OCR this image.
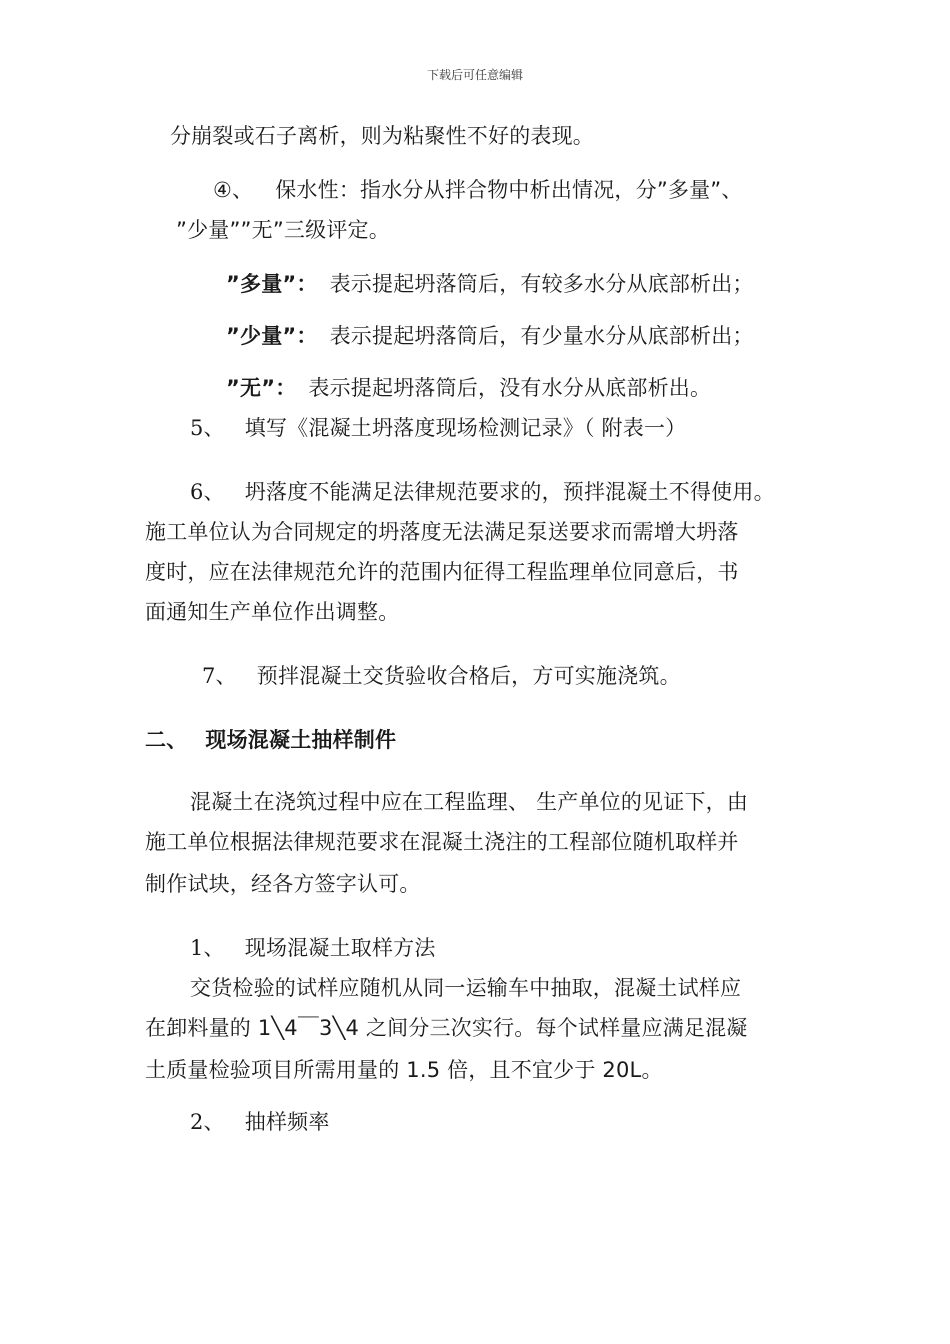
下载后可任意编辑
分崩裂或石子离析，则为粘聚性不好的表现。
④、 保水性：指水分从拌合物中析出情况，分”多量”、
”少量””无”三级评定。
”多量”： 表示提起坍落筒后，有较多水分从底部析出；
”少量”： 表示提起坍落筒后，有少量水分从底部析出；
”无”： 表示提起坍落筒后，没有水分从底部析出。
5、 填写《混凝土坍落度现场检测记录》（ 附表一）
6、 坍落度不能满足法律规范要求的，预拌混凝土不得使用。
施工单位认为合同规定的坍落度无法满足泵送要求而需增大坍落
度时，应在法律规范允许的范围内征得工程监理单位同意后，书
面通知生产单位作出调整。
7、 预拌混凝土交货验收合格后，方可实施浇筑。
二、 现场混凝土抽样制件
混凝土在浇筑过程中应在工程监理、 生产单位的见证下，由
施工单位根据法律规范要求在混凝土浇注的工程部位随机取样并
制作试块，经各方签字认可。
1、 现场混凝土取样方法
交货检验的试样应随机从同一运输车中抽取，混凝土试样应
在卸料量的 1╲4￣3╲4 之间分三次实行。每个试样量应满足混凝
土质量检验项目所需用量的 1.5 倍，且不宜少于 20L。
2、 抽样频率
